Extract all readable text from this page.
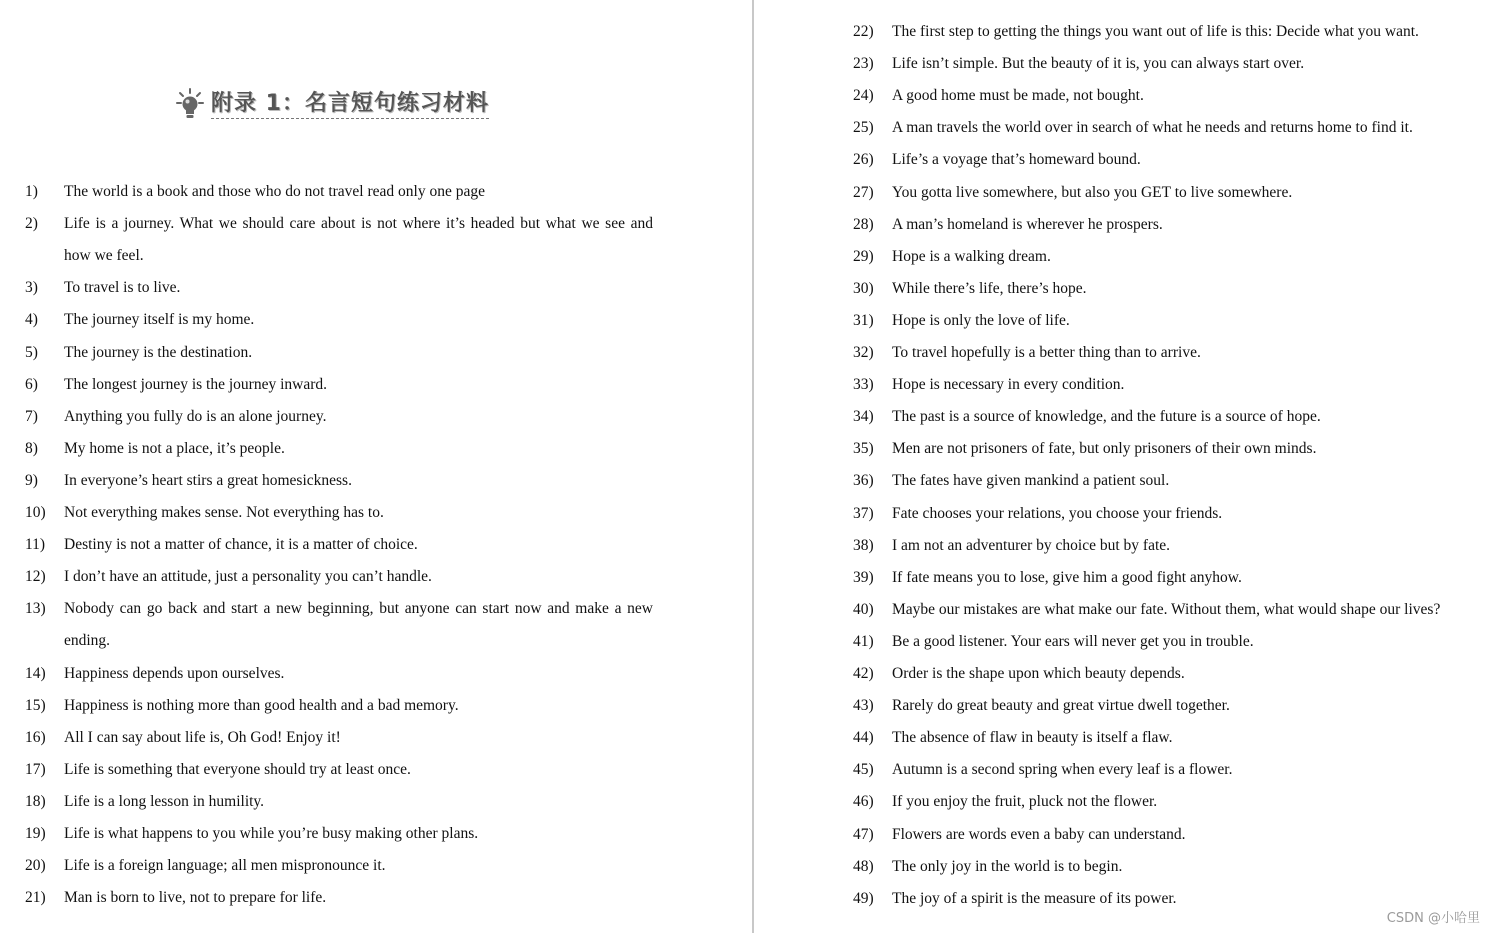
附录 1：名言短句练习材料
1) The world is a book and those who do not travel read only one page
2) Life is a journey. What we should care about is not where it’s headed but what we see and
how we feel.
3) To travel is to live.
4) The journey itself is my home.
5) The journey is the destination.
6) The longest journey is the journey inward.
7) Anything you fully do is an alone journey.
8) My home is not a place, it’s people.
9) In everyone’s heart stirs a great homesickness.
10) Not everything makes sense. Not everything has to.
11) Destiny is not a matter of chance, it is a matter of choice.
12) I don’t have an attitude, just a personality you can’t handle.
13) Nobody can go back and start a new beginning, but anyone can start now and make a new
ending.
14) Happiness depends upon ourselves.
15) Happiness is nothing more than good health and a bad memory.
16) All I can say about life is, Oh God! Enjoy it!
17) Life is something that everyone should try at least once.
18) Life is a long lesson in humility.
19) Life is what happens to you while you’re busy making other plans.
20) Life is a foreign language; all men mispronounce it.
21) Man is born to live, not to prepare for life.
22) The first step to getting the things you want out of life is this: Decide what you want.
23) Life isn’t simple. But the beauty of it is, you can always start over.
24) A good home must be made, not bought.
25) A man travels the world over in search of what he needs and returns home to find it.
26) Life’s a voyage that’s homeward bound.
27) You gotta live somewhere, but also you GET to live somewhere.
28) A man’s homeland is wherever he prospers.
29) Hope is a walking dream.
30) While there’s life, there’s hope.
31) Hope is only the love of life.
32) To travel hopefully is a better thing than to arrive.
33) Hope is necessary in every condition.
34) The past is a source of knowledge, and the future is a source of hope.
35) Men are not prisoners of fate, but only prisoners of their own minds.
36) The fates have given mankind a patient soul.
37) Fate chooses your relations, you choose your friends.
38) I am not an adventurer by choice but by fate.
39) If fate means you to lose, give him a good fight anyhow.
40) Maybe our mistakes are what make our fate. Without them, what would shape our lives?
41) Be a good listener. Your ears will never get you in trouble.
42) Order is the shape upon which beauty depends.
43) Rarely do great beauty and great virtue dwell together.
44) The absence of flaw in beauty is itself a flaw.
45) Autumn is a second spring when every leaf is a flower.
46) If you enjoy the fruit, pluck not the flower.
47) Flowers are words even a baby can understand.
48) The only joy in the world is to begin.
49) The joy of a spirit is the measure of its power.
CSDN @小哈里
